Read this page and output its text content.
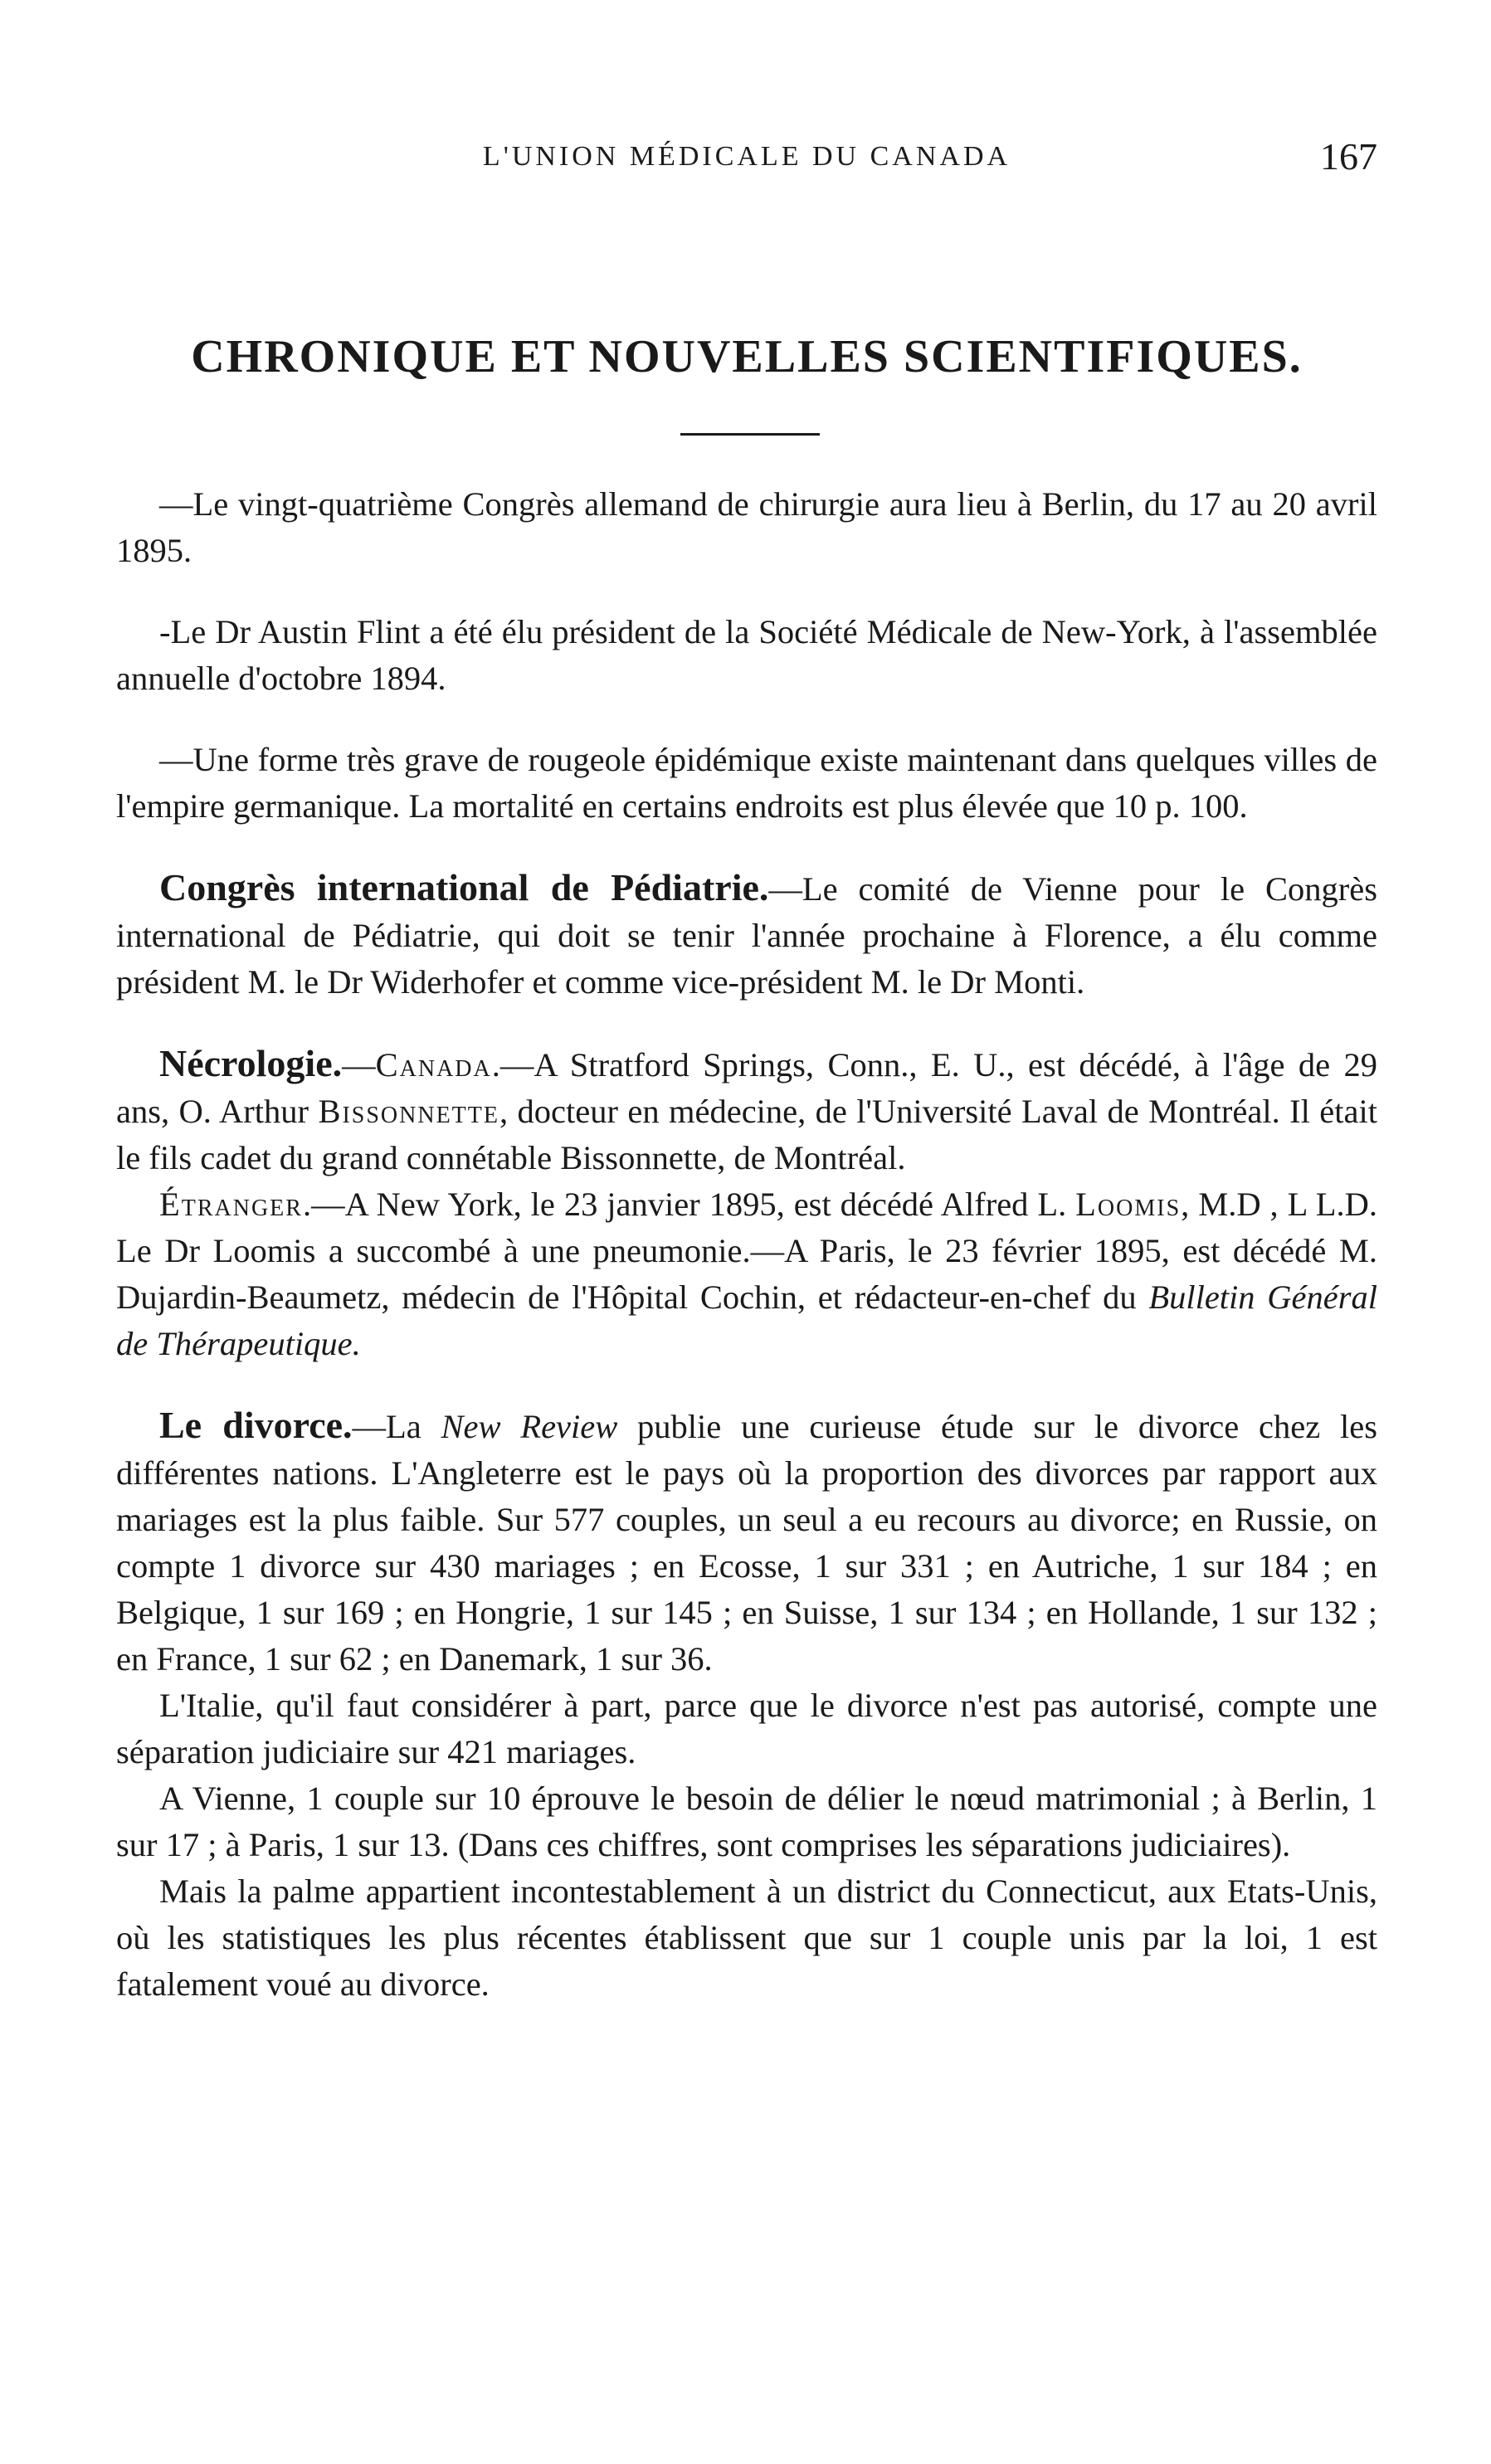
L'UNION MÉDICALE DU CANADA	167
CHRONIQUE ET NOUVELLES SCIENTIFIQUES.

—Le vingt-quatrième Congrès allemand de chirurgie aura lieu à Berlin, du 17 au 20 avril 1895.

-Le Dr Austin Flint a été élu président de la Société Médicale de New-York, à l'assemblée annuelle d'octobre 1894.

—Une forme très grave de rougeole épidémique existe maintenant dans quelques villes de l'empire germanique. La mortalité en certains endroits est plus élevée que 10 p. 100.

Congrès international de Pédiatrie.—Le comité de Vienne pour le Congrès international de Pédiatrie, qui doit se tenir l'année prochaine à Florence, a élu comme président M. le Dr Widerhofer et comme vice-président M. le Dr Monti.

Nécrologie.—Canada.—A Stratford Springs, Conn., E. U., est décédé, à l'âge de 29 ans, O. Arthur Bissonnette, docteur en médecine, de l'Université Laval de Montréal. Il était le fils cadet du grand connétable Bissonnette, de Montréal.

Étranger.—A New York, le 23 janvier 1895, est décédé Alfred L. Loomis, M.D , L L.D. Le Dr Loomis a succombé à une pneumonie.—A Paris, le 23 février 1895, est décédé M. Dujardin-Beaumetz, médecin de l'Hôpital Cochin, et rédacteur-en-chef du Bulletin Général de Thérapeutique.

Le divorce.—La New Review publie une curieuse étude sur le divorce chez les différentes nations. L'Angleterre est le pays où la proportion des divorces par rapport aux mariages est la plus faible. Sur 577 couples, un seul a eu recours au divorce; en Russie, on compte 1 divorce sur 430 mariages ; en Ecosse, 1 sur 331 ; en Autriche, 1 sur 184 ; en Belgique, 1 sur 169 ; en Hongrie, 1 sur 145 ; en Suisse, 1 sur 134 ; en Hollande, 1 sur 132 ; en France, 1 sur 62 ; en Danemark, 1 sur 36.

L'Italie, qu'il faut considérer à part, parce que le divorce n'est pas autorisé, compte une séparation judiciaire sur 421 mariages.

A Vienne, 1 couple sur 10 éprouve le besoin de délier le nœud matrimonial ; à Berlin, 1 sur 17 ; à Paris, 1 sur 13. (Dans ces chiffres, sont comprises les séparations judiciaires).

Mais la palme appartient incontestablement à un district du Connecticut, aux Etats-Unis, où les statistiques les plus récentes établissent que sur 1 couple unis par la loi, 1 est fatalement voué au divorce.
